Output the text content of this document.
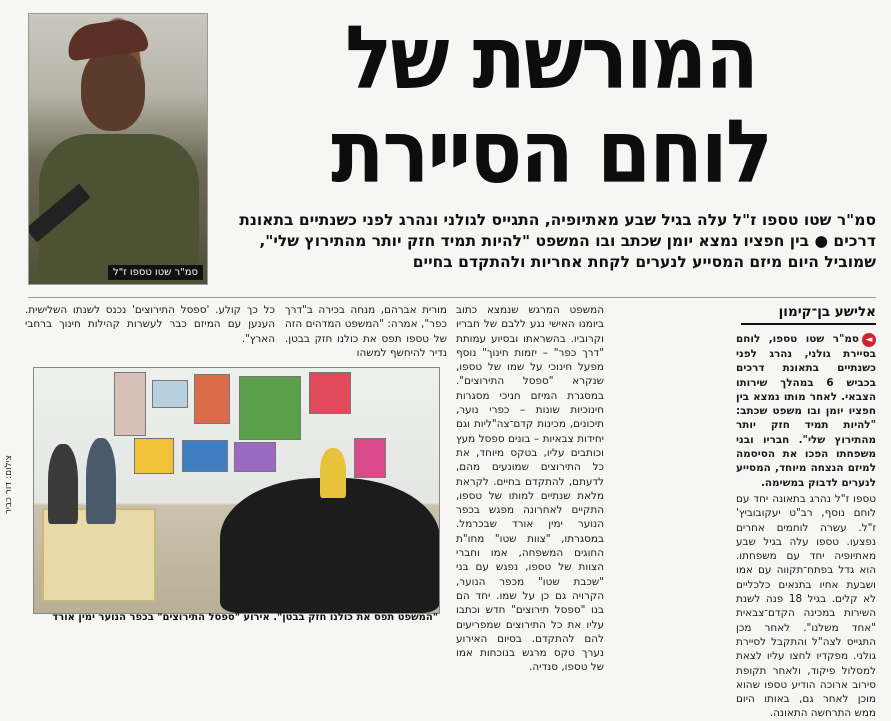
סמ"ר שטו טספו ז"ל
המורשת של
לוחם הסיירת
סמ"ר שטו טספו ז"ל עלה בגיל שבע מאתיופיה, התגייס לגולני ונהרג לפני כשנתיים בתאונת דרכים ● בין חפציו נמצא יומן שכתב ובו המשפט "להיות תמיד חזק יותר מהתירוץ שלי", שמוביל היום מיזם המסייע לנערים לקחת אחריות ולהתקדם בחיים
אלישע בן־קימון
◄סמ"ר שטו טספו, לוחם בסיירת גולני, נהרג לפני כשנתיים בתאונת דרכים בכביש 6 במהלך שירותו הצבאי. לאחר מותו נמצא בין חפציו יומן ובו משפט שכתב: "להיות תמיד חזק יותר מהתירוץ שלי". חבריו ובני משפחתו הפכו את הסיסמה למיזם הנצחה מיוחד, המסייע לנערים לדבוק במשימה.
טספו ז"ל נהרג בתאונה יחד עם לוחם נוסף, רב"ט יעקובוביץ' ז"ל. עשרה לוחמים אחרים נפצעו. טספו עלה בגיל שבע מאתיופיה יחד עם משפחתו. הוא גדל בפתח־תקווה עם אמו ושבעת אחיו בתנאים כלכליים לא קלים. בגיל 18 פנה לשנת השירות במכינה הקדם־צבאית "אחד משלנו". לאחר מכן התגייס לצה"ל והתקבל לסיירת גולני. מפקדיו לחצו עליו לצאת למסלול פיקוד, ולאחר תקופת סירוב ארוכה הודיע טספו שהוא מוכן לאחר גם, באותו היום ממש התרחשה התאונה.
המשפט המרגש שנמצא כתוב ביומנו האישי נגע ללבם של חבריו וקרוביו. בהשראתו ובסיוע עמותת "דרך כפר" – יזמות חינוך" נוסף מפעל חינוכי על שמו של טספו, שנקרא "ספסל התירוצים". במסגרת המיזם חניכי מסגרות חינוכיות שונות – כפרי נוער, תיכונים, מכינות קדם־צה"ליות וגם יחידות צבאיות – בונים ספסל מעץ וכותבים עליו, בטקס מיוחד, את כל התירוצים שמונעים מהם, לדעתם, להתקדם בחיים. לקראת מלאת שנתיים למותו של טספו, התקיים לאחרונה מפגש בכפר הנוער ימין אורד שבכרמל. במסגרתו, "צוות שטו" מחו"ת החוגים המשפחה, אמו וחברי הצוות של טספו, נפגש עם בני "שכבת שטו" מכפר הנוער, הקרויה גם כן על שמו. יחד הם בנו "ספסל תירוצים" חדש וכתבו עליו את כל התירוצים שמפריעים להם להתקדם. בסיום האירוע נערך טקס מרגש בנוכחות אמו של טספו, סנדיה.
מורית אברהם, מנחה בכירה ב"דרך כפר", אמרה: "המשפט המדהים הזה של טספו תפס את כולנו חזק בבטן. נדיר להיחשף למשהו
כל כך קולע. 'ספסל התירוצים' נכנס לשנתו השלישית. הענען עם המיזם כבר לעשרות קהילות חינוך ברחבי הארץ".
"המשפט תפס את כולנו חזק בבטן". אירוע "ספסל התירוצים" בכפר הנוער ימין אורד
צילום: דור כביר
